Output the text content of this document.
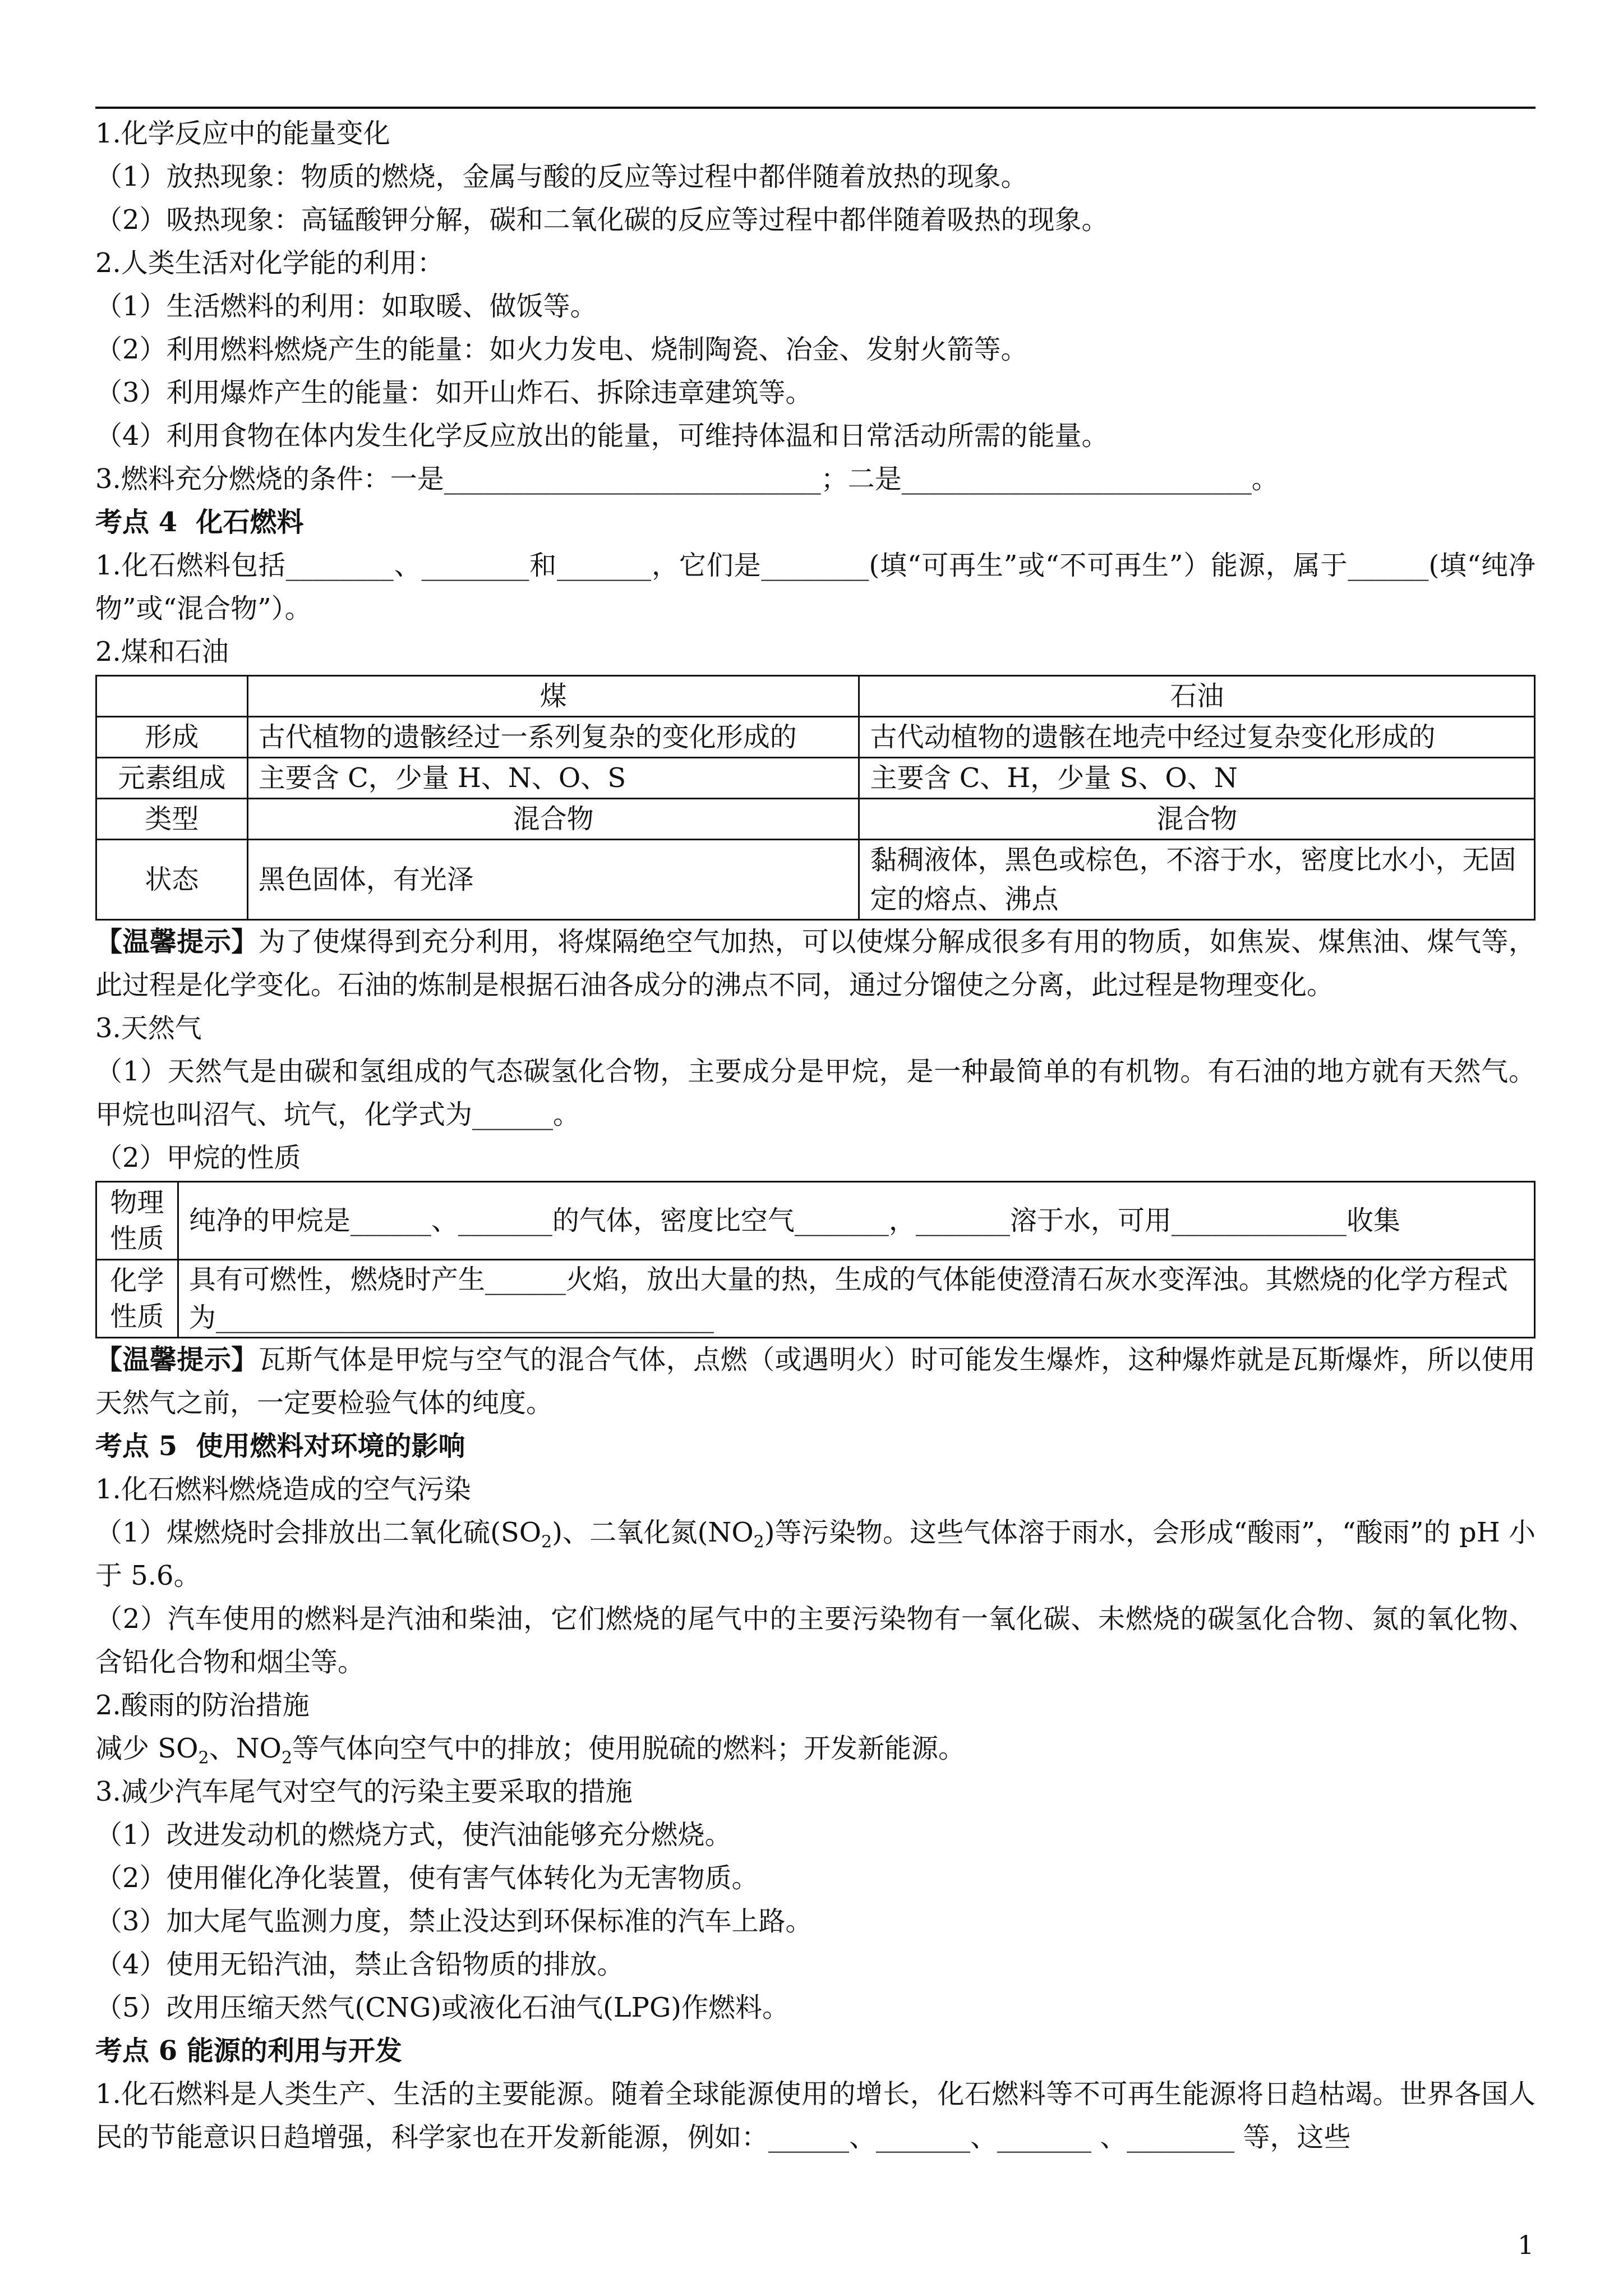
1.化学反应中的能量变化

（1）放热现象：物质的燃烧，金属与酸的反应等过程中都伴随着放热的现象。

（2）吸热现象：高锰酸钾分解，碳和二氧化碳的反应等过程中都伴随着吸热的现象。

2.人类生活对化学能的利用：

（1）生活燃料的利用：如取暖、做饭等。

（2）利用燃料燃烧产生的能量：如火力发电、烧制陶瓷、冶金、发射火箭等。

（3）利用爆炸产生的能量：如开山炸石、拆除违章建筑等。

（4）利用食物在体内发生化学反应放出的能量，可维持体温和日常活动所需的能量。

3.燃料充分燃烧的条件：一是____________________________；二是__________________________。

考点 4  化石燃料

1.化石燃料包括________、________和_______，它们是________(填“可再生”或“不可再生”）能源，属于______(填“纯净物”或“混合物”）。

2.煤和石油

	煤	石油
形成	古代植物的遗骸经过一系列复杂的变化形成的	古代动植物的遗骸在地壳中经过复杂变化形成的
元素组成	主要含 C，少量 H、N、O、S	主要含 C、H，少量 S、O、N
类型	混合物	混合物
状态	黑色固体，有光泽	黏稠液体，黑色或棕色，不溶于水，密度比水小，无固定的熔点、沸点

【温馨提示】为了使煤得到充分利用，将煤隔绝空气加热，可以使煤分解成很多有用的物质，如焦炭、煤焦油、煤气等，此过程是化学变化。石油的炼制是根据石油各成分的沸点不同，通过分馏使之分离，此过程是物理变化。

3.天然气

（1）天然气是由碳和氢组成的气态碳氢化合物，主要成分是甲烷，是一种最简单的有机物。有石油的地方就有天然气。甲烷也叫沼气、坑气，化学式为______。

（2）甲烷的性质

物理性质	纯净的甲烷是______、_______的气体，密度比空气_______，_______溶于水，可用_____________收集
化学性质	具有可燃性，燃烧时产生______火焰，放出大量的热，生成的气体能使澄清石灰水变浑浊。其燃烧的化学方程式为_____________________________________

【温馨提示】瓦斯气体是甲烷与空气的混合气体，点燃（或遇明火）时可能发生爆炸，这种爆炸就是瓦斯爆炸，所以使用天然气之前，一定要检验气体的纯度。

考点 5  使用燃料对环境的影响

1.化石燃料燃烧造成的空气污染

（1）煤燃烧时会排放出二氧化硫$(SO_2)$、二氧化氮$(NO_2)$等污染物。这些气体溶于雨水，会形成“酸雨”，“酸雨”的 pH 小于 5.6。

（2）汽车使用的燃料是汽油和柴油，它们燃烧的尾气中的主要污染物有一氧化碳、未燃烧的碳氢化合物、氮的氧化物、含铅化合物和烟尘等。

2.酸雨的防治措施

减少 $SO_2$、$NO_2$等气体向空气中的排放；使用脱硫的燃料；开发新能源。

3.减少汽车尾气对空气的污染主要采取的措施

（1）改进发动机的燃烧方式，使汽油能够充分燃烧。

（2）使用催化净化装置，使有害气体转化为无害物质。

（3）加大尾气监测力度，禁止没达到环保标准的汽车上路。

（4）使用无铅汽油，禁止含铅物质的排放。

（5）改用压缩天然气(CNG)或液化石油气(LPG)作燃料。

考点 6 能源的利用与开发

1.化石燃料是人类生产、生活的主要能源。随着全球能源使用的增长，化石燃料等不可再生能源将日趋枯竭。世界各国人民的节能意识日趋增强，科学家也在开发新能源，例如：______、_______、_______ 、________ 等，这些

1
